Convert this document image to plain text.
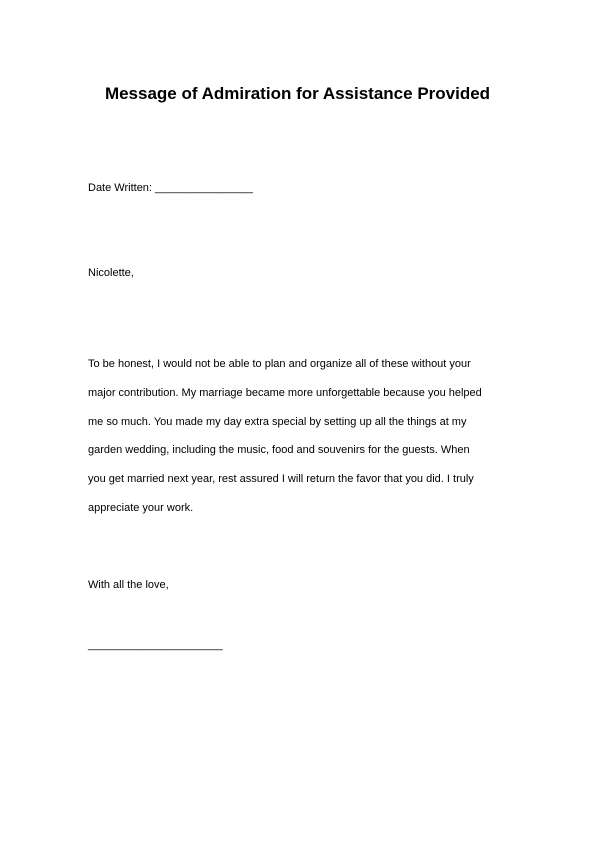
Message of Admiration for Assistance Provided
Date Written: ________________
Nicolette,
To be honest, I would not be able to plan and organize all of these without your
major contribution. My marriage became more unforgettable because you helped
me so much. You made my day extra special by setting up all the things at my
garden wedding, including the music, food and souvenirs for the guests. When
you get married next year, rest assured I will return the favor that you did. I truly
appreciate your work.
With all the love,
______________________
